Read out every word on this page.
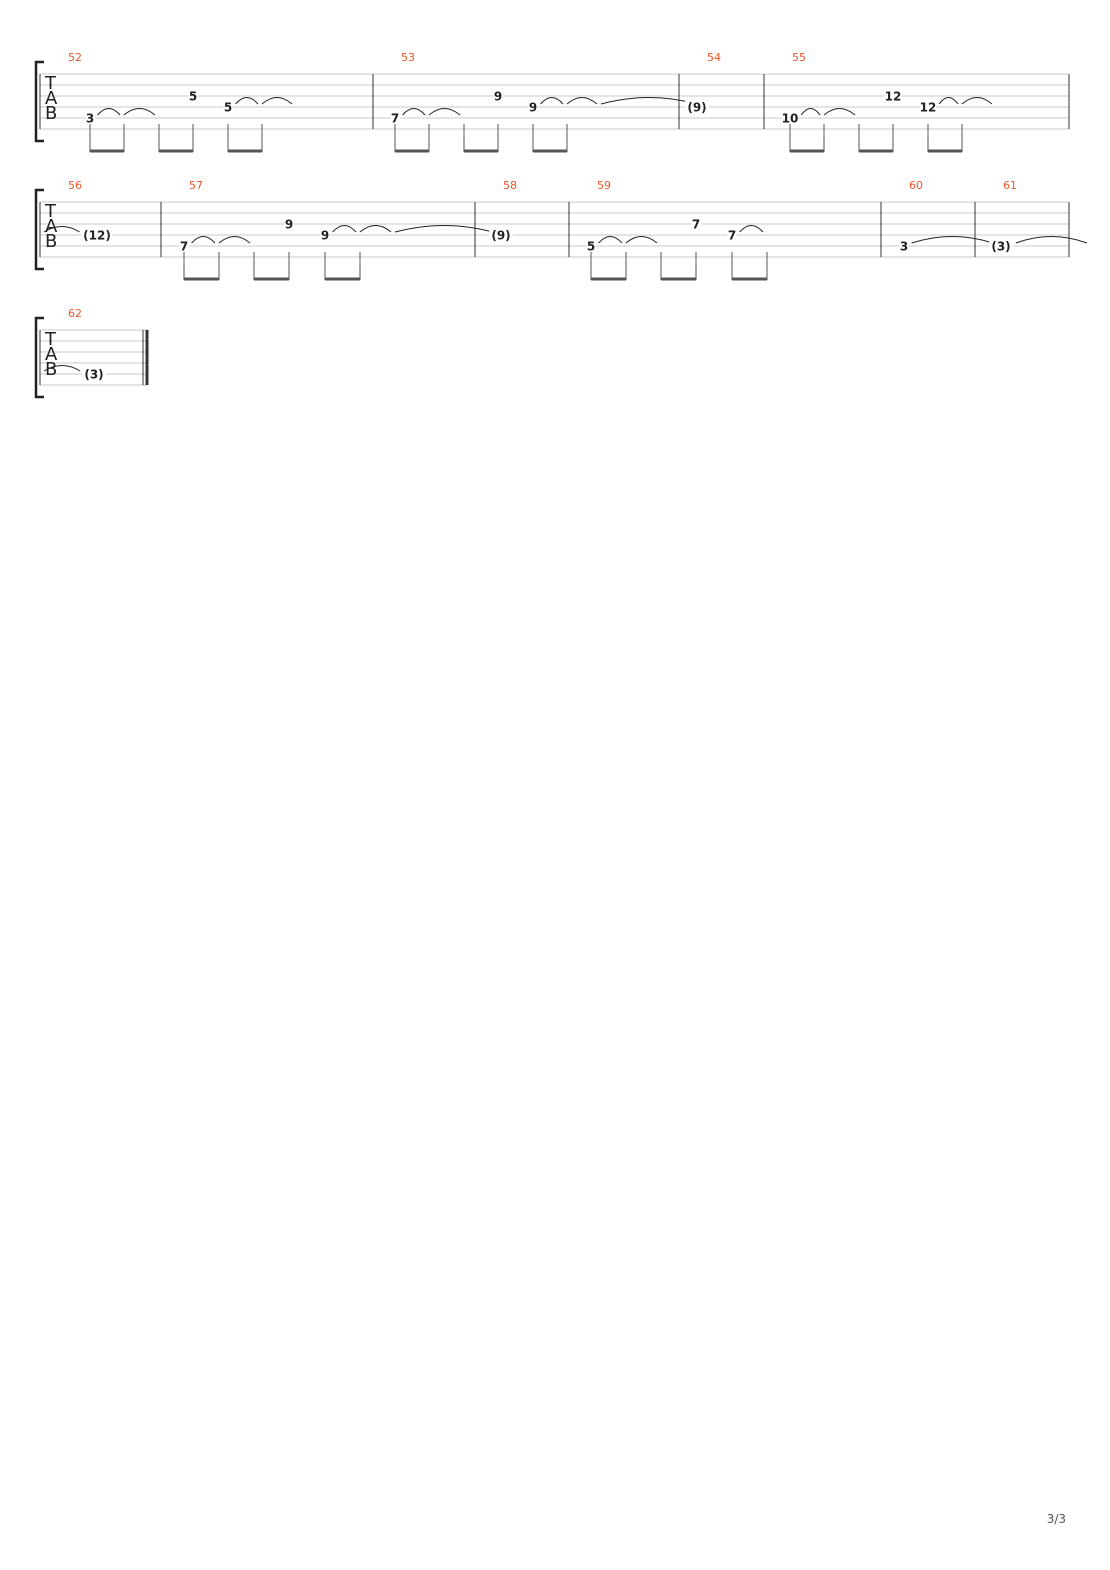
T
A
B
52
3
5
5
53
7
9
9
54
(9)
55
10
12
12
T
A
B
56
(12)
57
7
9
9
58
(9)
59
5
7
7
60
3
61
(3)
T
A
B
62
(3)
3/3
